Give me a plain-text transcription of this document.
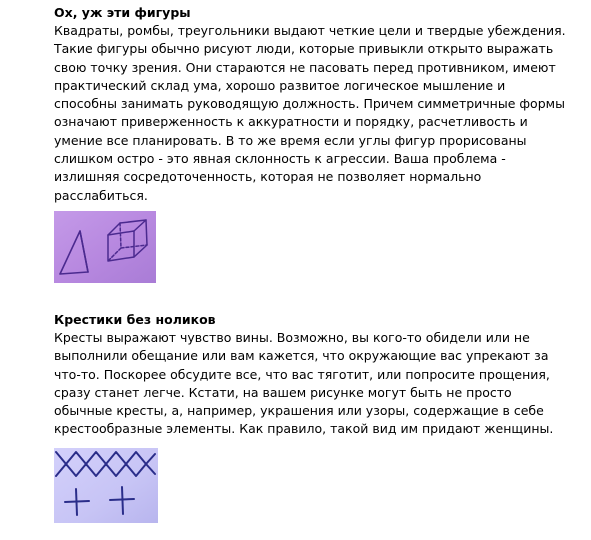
Ох, уж эти фигуры

Квадраты, ромбы, треугольники выдают четкие цели и твердые убеждения.
Такие фигуры обычно рисуют люди, которые привыкли открыто выражать
свою точку зрения. Они стараются не пасовать перед противником, имеют
практический склад ума, хорошо развитое логическое мышление и
способны занимать руководящую должность. Причем симметричные формы
означают приверженность к аккуратности и порядку, расчетливость и
умение все планировать. В то же время если углы фигур прорисованы
слишком остро - это явная склонность к агрессии. Ваша проблема -
излишняя сосредоточенность, которая не позволяет нормально
расслабиться.

Крестики без ноликов

Кресты выражают чувство вины. Возможно, вы кого-то обидели или не
выполнили обещание или вам кажется, что окружающие вас упрекают за
что-то. Поскорее обсудите все, что вас тяготит, или попросите прощения,
сразу станет легче. Кстати, на вашем рисунке могут быть не просто
обычные кресты, а, например, украшения или узоры, содержащие в себе
крестообразные элементы. Как правило, такой вид им придают женщины.
